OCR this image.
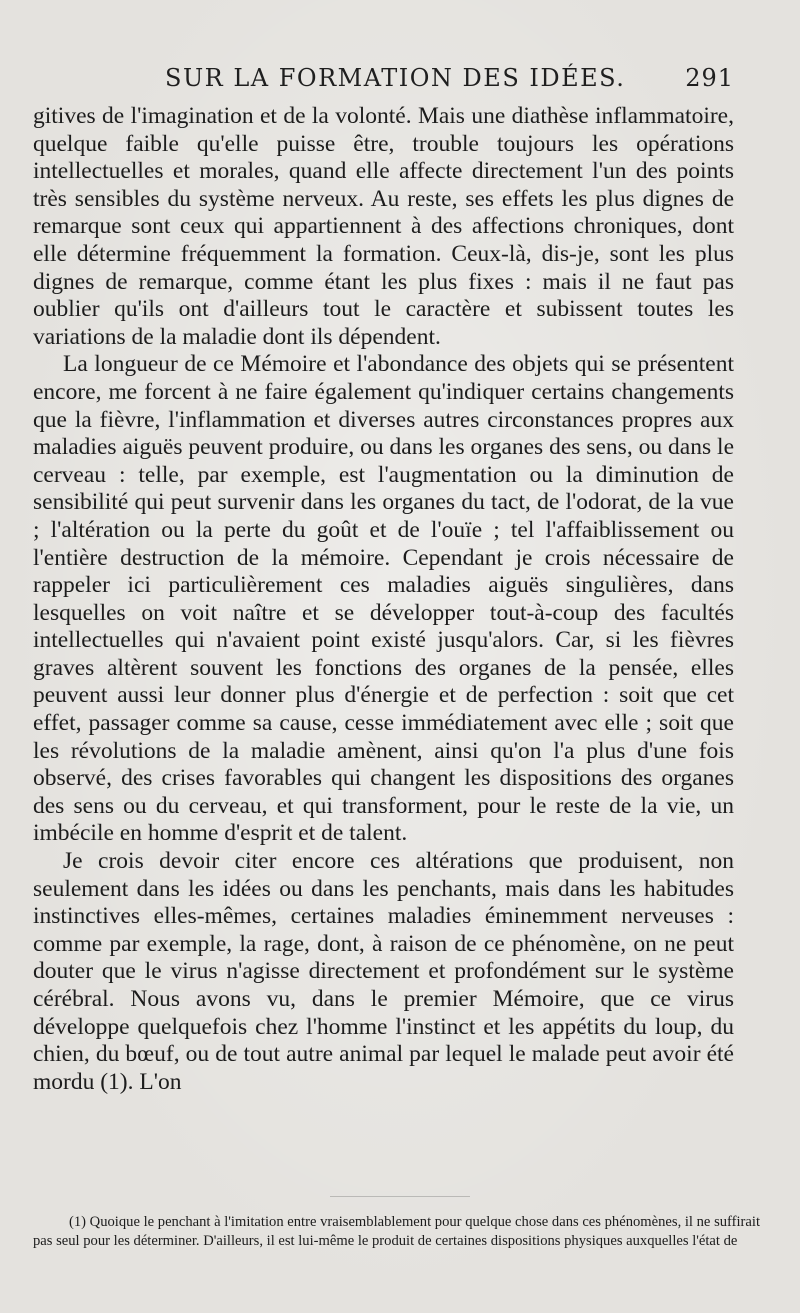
SUR LA FORMATION DES IDÉES. 291

gitives de l'imagination et de la volonté. Mais une diathèse inflammatoire, quelque faible qu'elle puisse être, trouble toujours les opérations intellectuelles et morales, quand elle affecte directement l'un des points très sensibles du système nerveux. Au reste, ses effets les plus dignes de remarque sont ceux qui appartiennent à des affections chroniques, dont elle détermine fréquemment la formation. Ceux-là, dis-je, sont les plus dignes de remarque, comme étant les plus fixes : mais il ne faut pas oublier qu'ils ont d'ailleurs tout le caractère et subissent toutes les variations de la maladie dont ils dépendent.

La longueur de ce Mémoire et l'abondance des objets qui se présentent encore, me forcent à ne faire également qu'indiquer certains changements que la fièvre, l'inflammation et diverses autres circonstances propres aux maladies aiguës peuvent produire, ou dans les organes des sens, ou dans le cerveau : telle, par exemple, est l'augmentation ou la diminution de sensibilité qui peut survenir dans les organes du tact, de l'odorat, de la vue ; l'altération ou la perte du goût et de l'ouïe ; tel l'affaiblissement ou l'entière destruction de la mémoire. Cependant je crois nécessaire de rappeler ici particulièrement ces maladies aiguës singulières, dans lesquelles on voit naître et se développer tout-à-coup des facultés intellectuelles qui n'avaient point existé jusqu'alors. Car, si les fièvres graves altèrent souvent les fonctions des organes de la pensée, elles peuvent aussi leur donner plus d'énergie et de perfection : soit que cet effet, passager comme sa cause, cesse immédiatement avec elle ; soit que les révolutions de la maladie amènent, ainsi qu'on l'a plus d'une fois observé, des crises favorables qui changent les dispositions des organes des sens ou du cerveau, et qui transforment, pour le reste de la vie, un imbécile en homme d'esprit et de talent.

Je crois devoir citer encore ces altérations que produisent, non seulement dans les idées ou dans les penchants, mais dans les habitudes instinctives elles-mêmes, certaines maladies éminemment nerveuses : comme par exemple, la rage, dont, à raison de ce phénomène, on ne peut douter que le virus n'agisse directement et profondément sur le système cérébral. Nous avons vu, dans le premier Mémoire, que ce virus développe quelquefois chez l'homme l'instinct et les appétits du loup, du chien, du bœuf, ou de tout autre animal par lequel le malade peut avoir été mordu (1). L'on

(1) Quoique le penchant à l'imitation entre vraisemblablement pour quelque chose dans ces phénomènes, il ne suffirait pas seul pour les déterminer. D'ailleurs, il est lui-même le produit de certaines dispositions physiques auxquelles l'état de
